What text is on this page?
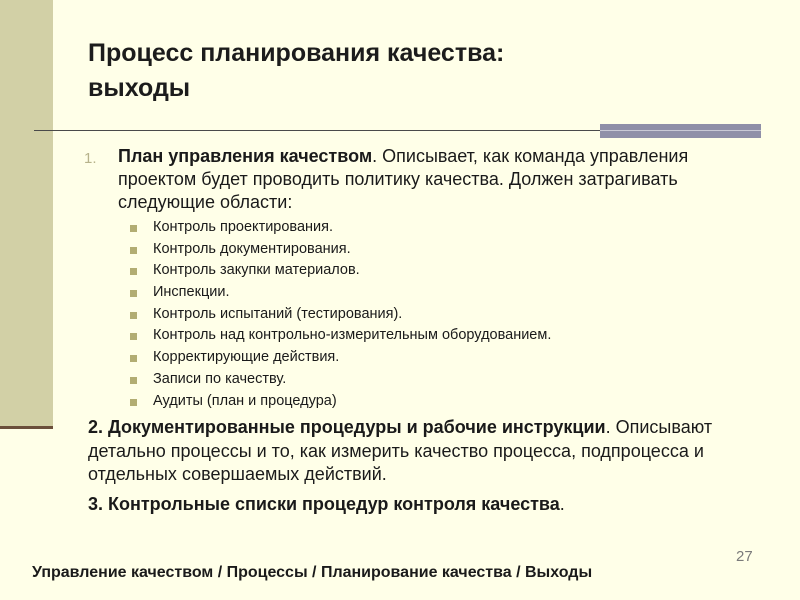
Процесс планирования качества:
выходы
1. План управления качеством. Описывает, как команда управления проектом будет проводить политику качества. Должен затрагивать следующие области:
Контроль проектирования.
Контроль документирования.
Контроль закупки материалов.
Инспекции.
Контроль испытаний (тестирования).
Контроль над контрольно-измерительным оборудованием.
Корректирующие действия.
Записи по качеству.
Аудиты (план и процедура)
2. Документированные процедуры и рабочие инструкции. Описывают детально процессы и то, как измерить качество процесса, подпроцесса и отдельных совершаемых действий.
3. Контрольные списки процедур контроля качества.
27
Управление качеством / Процессы / Планирование качества / Выходы
